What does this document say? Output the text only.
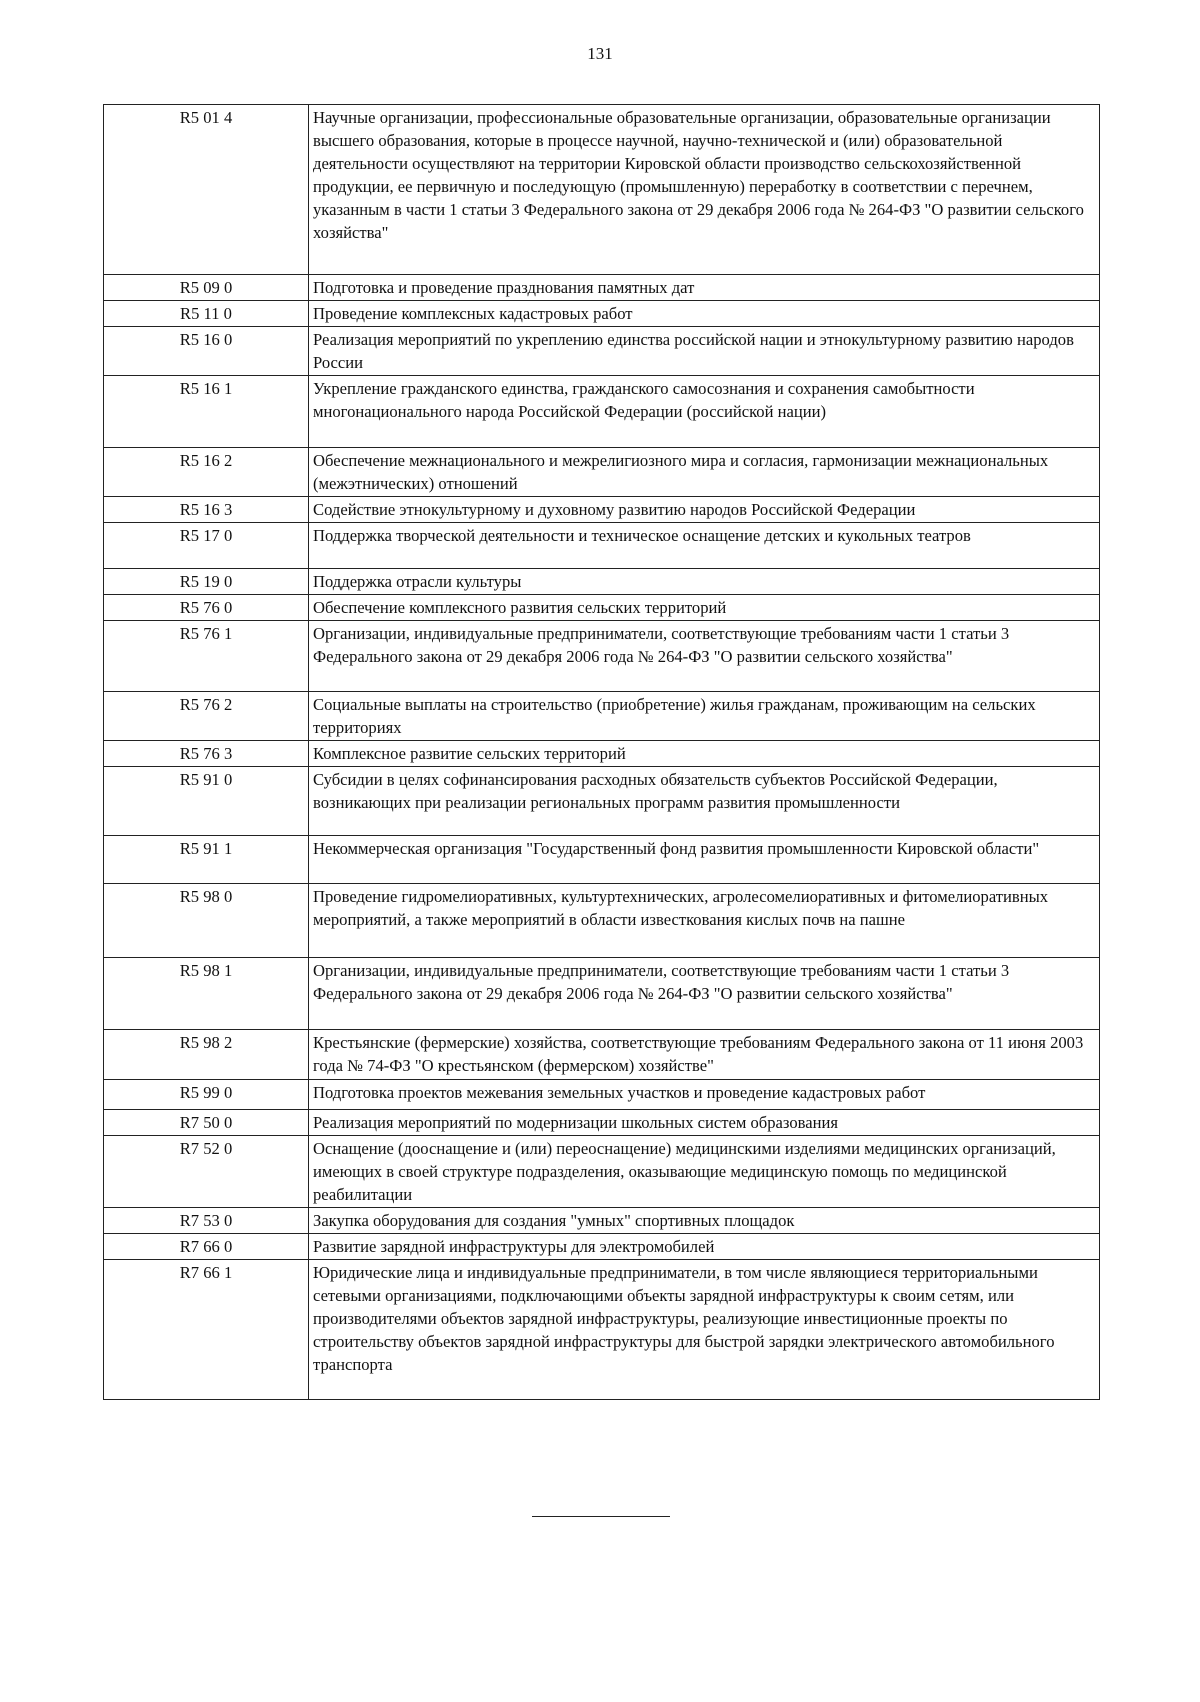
131
R5 01 4	Научные организации, профессиональные образовательные организации, образовательные организации высшего образования, которые в процессе научной, научно-технической и (или) образовательной деятельности осуществляют на территории Кировской области производство сельскохозяйственной продукции, ее первичную и последующую (промышленную) переработку в соответствии с перечнем, указанным в части 1 статьи 3 Федерального закона от 29 декабря 2006 года № 264-ФЗ "О развитии сельского хозяйства"
R5 09 0	Подготовка и проведение празднования памятных дат
R5 11 0	Проведение комплексных кадастровых работ
R5 16 0	Реализация мероприятий по укреплению единства российской нации и этнокультурному развитию народов России
R5 16 1	Укрепление гражданского единства, гражданского самосознания и сохранения самобытности многонационального народа Российской Федерации (российской нации)
R5 16 2	Обеспечение межнационального и межрелигиозного мира и согласия, гармонизации межнациональных (межэтнических) отношений
R5 16 3	Содействие этнокультурному и духовному развитию народов Российской Федерации
R5 17 0	Поддержка творческой деятельности и техническое оснащение детских и кукольных театров
R5 19 0	Поддержка отрасли культуры
R5 76 0	Обеспечение комплексного развития сельских территорий
R5 76 1	Организации, индивидуальные предприниматели, соответствующие требованиям части 1 статьи 3 Федерального закона от 29 декабря 2006 года № 264-ФЗ "О развитии сельского хозяйства"
R5 76 2	Социальные выплаты на строительство (приобретение) жилья гражданам, проживающим на сельских территориях
R5 76 3	Комплексное развитие сельских территорий
R5 91 0	Субсидии в целях софинансирования расходных обязательств субъектов Российской Федерации, возникающих при реализации региональных программ развития промышленности
R5 91 1	Некоммерческая организация "Государственный фонд развития промышленности Кировской области"
R5 98 0	Проведение гидромелиоративных, культуртехнических, агролесомелиоративных и фитомелиоративных мероприятий, а также мероприятий в области известкования кислых почв на пашне
R5 98 1	Организации, индивидуальные предприниматели, соответствующие требованиям части 1 статьи 3 Федерального закона от 29 декабря 2006 года № 264-ФЗ "О развитии сельского хозяйства"
R5 98 2	Крестьянские (фермерские) хозяйства, соответствующие требованиям Федерального закона от 11 июня 2003 года № 74-ФЗ "О крестьянском (фермерском) хозяйстве"
R5 99 0	Подготовка проектов межевания земельных участков и проведение кадастровых работ
R7 50 0	Реализация мероприятий по модернизации школьных систем образования
R7 52 0	Оснащение (дооснащение и (или) переоснащение) медицинскими изделиями медицинских организаций, имеющих в своей структуре подразделения, оказывающие медицинскую помощь по медицинской реабилитации
R7 53 0	Закупка оборудования для создания "умных" спортивных площадок
R7 66 0	Развитие зарядной инфраструктуры для электромобилей
R7 66 1	Юридические лица и индивидуальные предприниматели, в том числе являющиеся территориальными сетевыми организациями, подключающими объекты зарядной инфраструктуры к своим сетям, или производителями объектов зарядной инфраструктуры, реализующие инвестиционные проекты по строительству объектов зарядной инфраструктуры для быстрой зарядки электрического автомобильного транспорта
